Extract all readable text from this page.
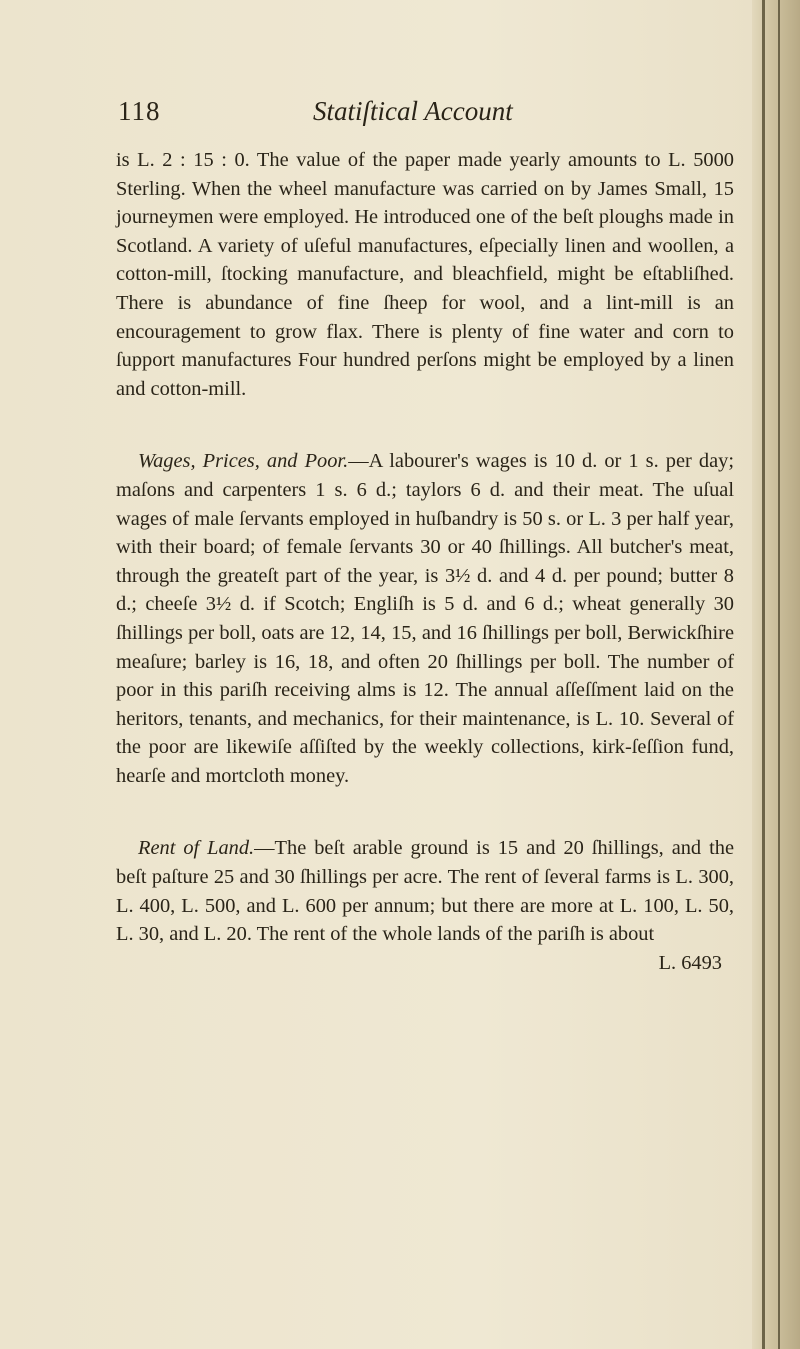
118	Statiſtical Account

is L. 2 : 15 : 0. The value of the paper made yearly amounts to L. 5000 Sterling. When the wheel manufacture was carried on by James Small, 15 journeymen were employed. He introduced one of the beſt ploughs made in Scotland. A variety of uſeful manufactures, eſpecially linen and woollen, a cotton-mill, ſtocking manufacture, and bleachfield, might be eſtabliſhed. There is abundance of fine ſheep for wool, and a lint-mill is an encouragement to grow flax. There is plenty of fine water and corn to ſupport manufactures Four hundred perſons might be employed by a linen and cotton-mill.

Wages, Prices, and Poor.—A labourer's wages is 10 d. or 1 s. per day; maſons and carpenters 1 s. 6 d.; taylors 6 d. and their meat. The uſual wages of male ſervants employed in huſbandry is 50 s. or L. 3 per half year, with their board; of female ſervants 30 or 40 ſhillings. All butcher's meat, through the greateſt part of the year, is 3½ d. and 4 d. per pound; butter 8 d.; cheeſe 3½ d. if Scotch; Engliſh is 5 d. and 6 d.; wheat generally 30 ſhillings per boll, oats are 12, 14, 15, and 16 ſhillings per boll, Berwickſhire meaſure; barley is 16, 18, and often 20 ſhillings per boll. The number of poor in this pariſh receiving alms is 12. The annual aſſeſſment laid on the heritors, tenants, and mechanics, for their maintenance, is L. 10. Several of the poor are likewiſe aſſiſted by the weekly collections, kirk-ſeſſion fund, hearſe and mortcloth money.

Rent of Land.—The beſt arable ground is 15 and 20 ſhillings, and the beſt paſture 25 and 30 ſhillings per acre. The rent of ſeveral farms is L. 300, L. 400, L. 500, and L. 600 per annum; but there are more at L. 100, L. 50, L. 30, and L. 20. The rent of the whole lands of the pariſh is about
L. 6493
